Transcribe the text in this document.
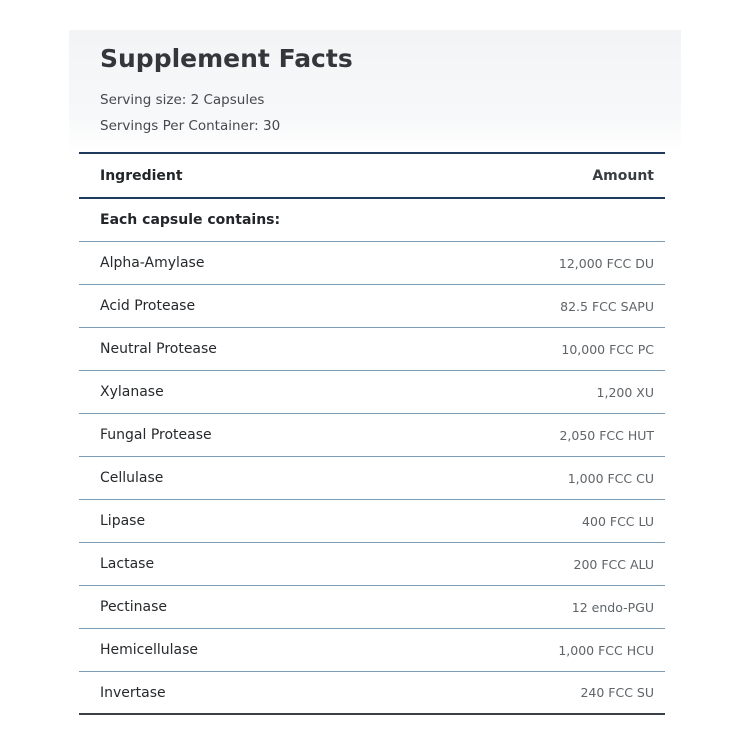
Supplement Facts

Serving size: 2 Capsules

Servings Per Container: 30

Ingredient	Amount
Each capsule contains:
Alpha-Amylase	12,000 FCC DU
Acid Protease	82.5 FCC SAPU
Neutral Protease	10,000 FCC PC
Xylanase	1,200 XU
Fungal Protease	2,050 FCC HUT
Cellulase	1,000 FCC CU
Lipase	400 FCC LU
Lactase	200 FCC ALU
Pectinase	12 endo-PGU
Hemicellulase	1,000 FCC HCU
Invertase	240 FCC SU
